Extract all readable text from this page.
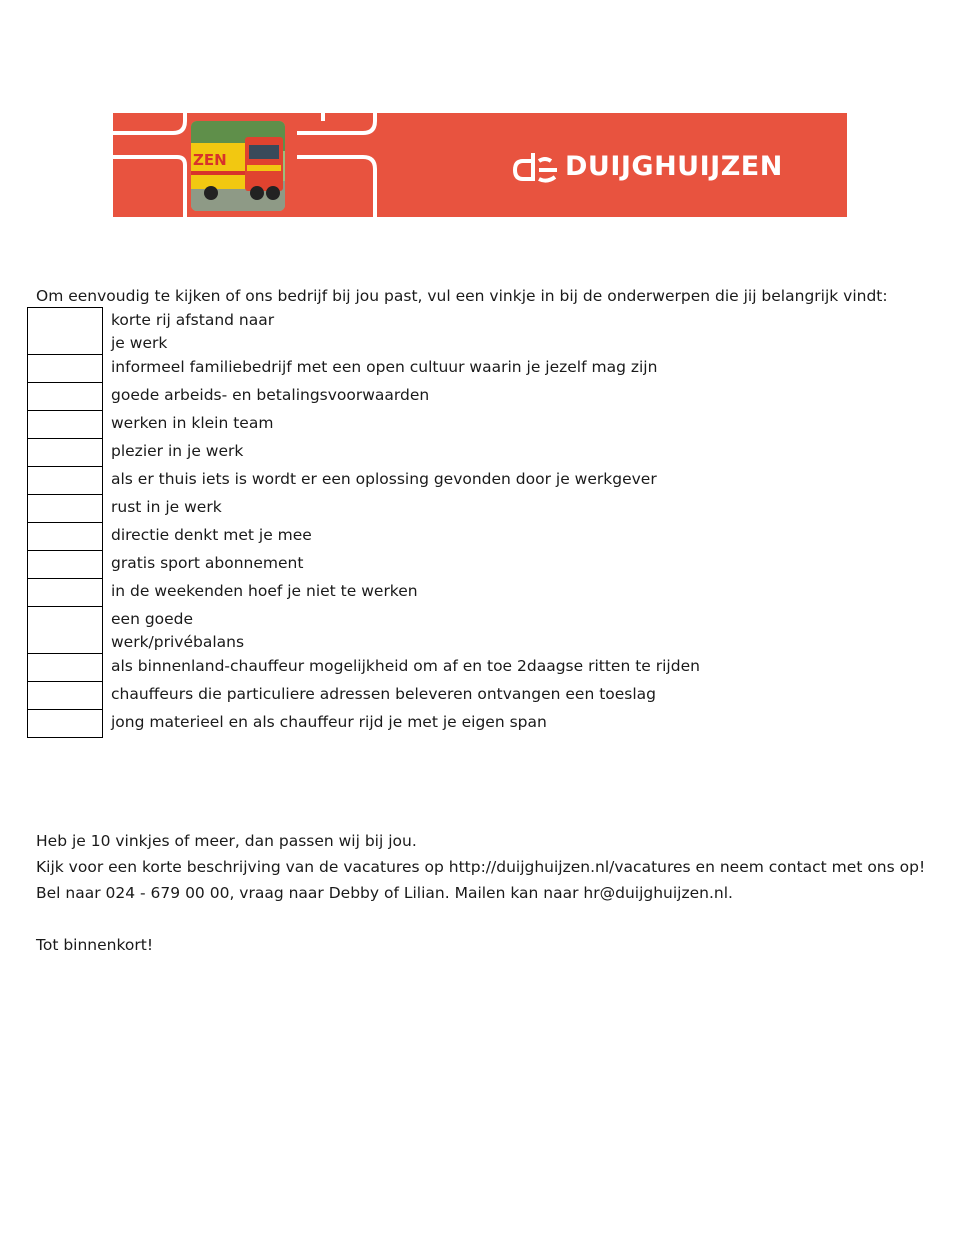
ZEN	DUIJGHUIJZEN
Om eenvoudig te kijken of ons bedrijf bij jou past, vul een vinkje in bij de onderwerpen die jij belangrijk vindt:
korte rij afstand naar je werk
informeel familiebedrijf met een open cultuur waarin je jezelf mag zijn
goede arbeids- en betalingsvoorwaarden
werken in klein team
plezier in je werk
als er thuis iets is wordt er een oplossing gevonden door je werkgever
rust in je werk
directie denkt met je mee
gratis sport abonnement
in de weekenden hoef je niet te werken
een goede werk/privébalans
als binnenland-chauffeur mogelijkheid om af en toe 2daagse ritten te rijden
chauffeurs die particuliere adressen beleveren ontvangen een toeslag
jong materieel en als chauffeur rijd je met je eigen span

Heb je 10 vinkjes of meer, dan passen wij bij jou.

Kijk voor een korte beschrijving van de vacatures op http://duijghuijzen.nl/vacatures en neem contact met ons op!

Bel naar 024 - 679 00 00, vraag naar Debby of Lilian. Mailen kan naar hr@duijghuijzen.nl.

Tot binnenkort!
